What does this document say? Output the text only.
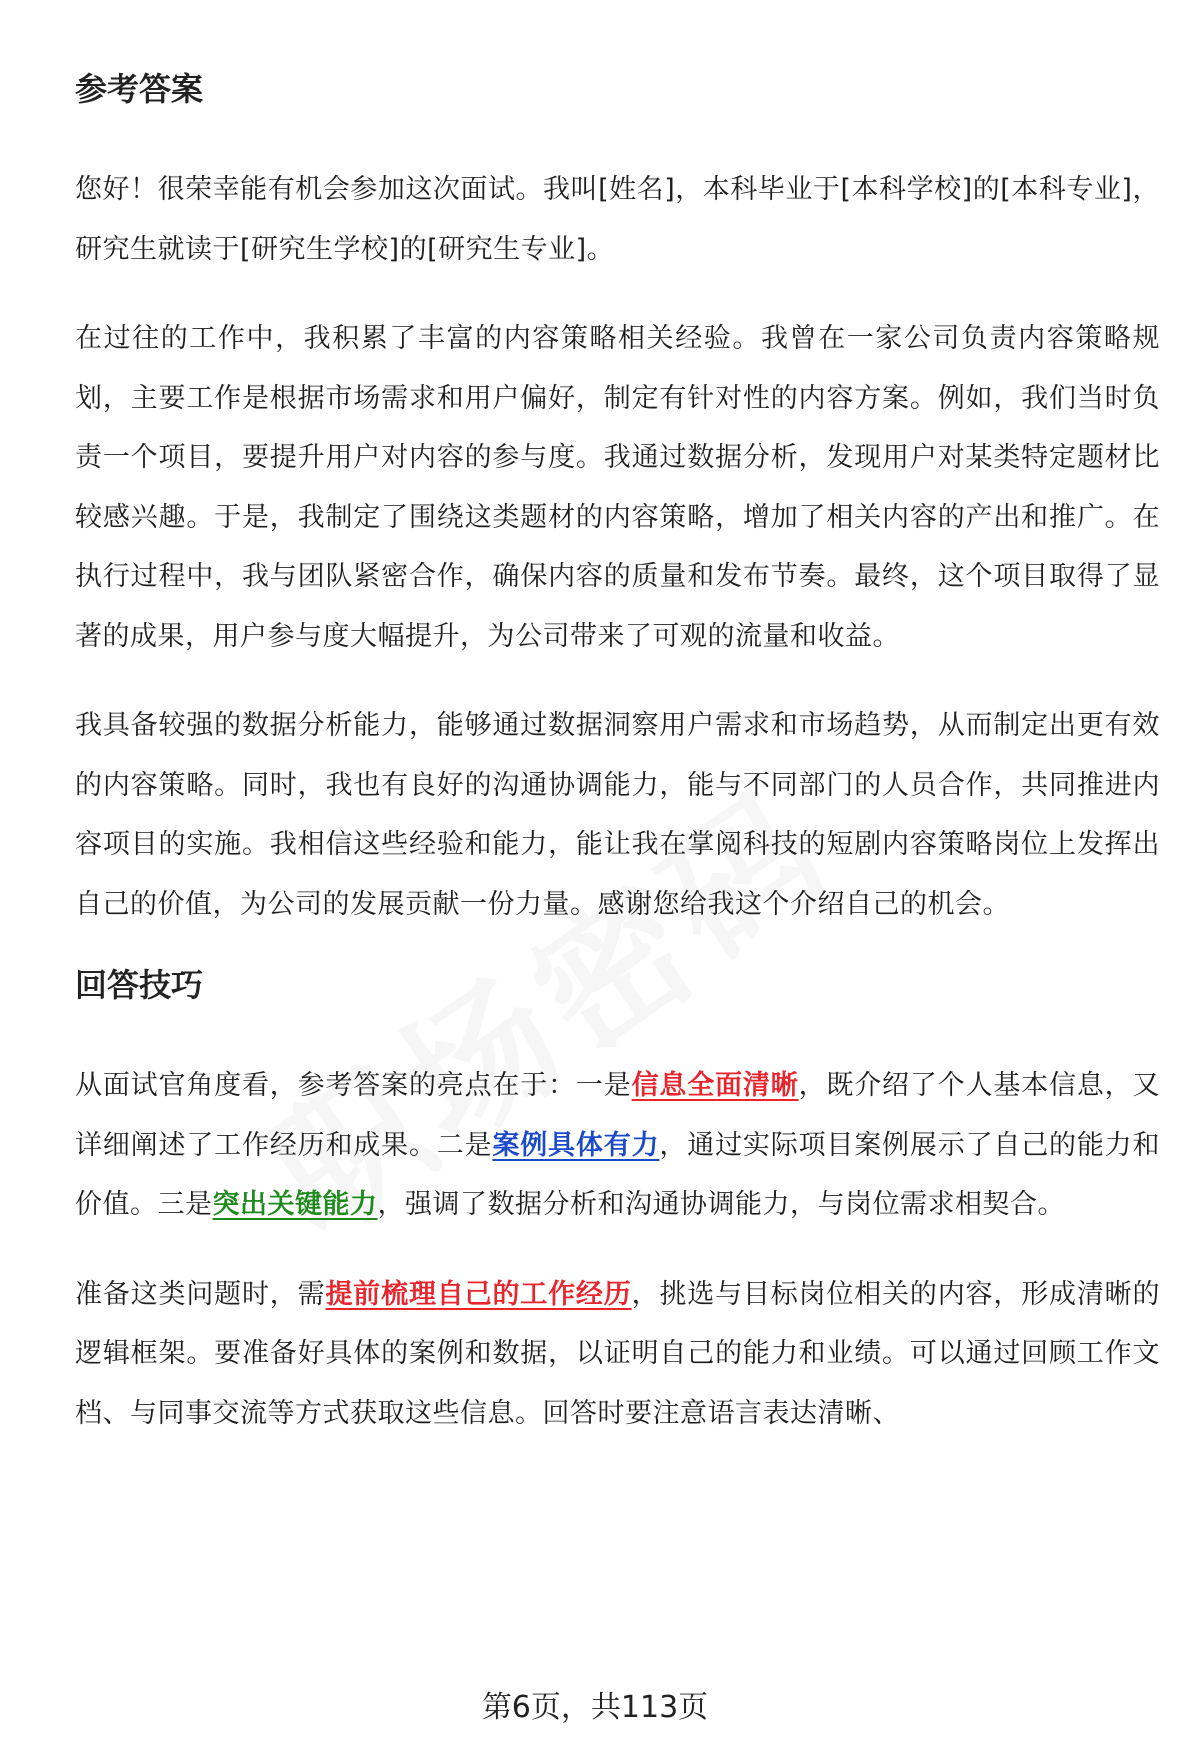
参考答案

您好！很荣幸能有机会参加这次面试。我叫[姓名]，本科毕业于[本科学校]的[本科专业]，研究生就读于[研究生学校]的[研究生专业]。

在过往的工作中，我积累了丰富的内容策略相关经验。我曾在一家公司负责内容策略规划，主要工作是根据市场需求和用户偏好，制定有针对性的内容方案。例如，我们当时负责一个项目，要提升用户对内容的参与度。我通过数据分析，发现用户对某类特定题材比较感兴趣。于是，我制定了围绕这类题材的内容策略，增加了相关内容的产出和推广。在执行过程中，我与团队紧密合作，确保内容的质量和发布节奏。最终，这个项目取得了显著的成果，用户参与度大幅提升，为公司带来了可观的流量和收益。

我具备较强的数据分析能力，能够通过数据洞察用户需求和市场趋势，从而制定出更有效的内容策略。同时，我也有良好的沟通协调能力，能与不同部门的人员合作，共同推进内容项目的实施。我相信这些经验和能力，能让我在掌阅科技的短剧内容策略岗位上发挥出自己的价值，为公司的发展贡献一份力量。感谢您给我这个介绍自己的机会。

回答技巧

从面试官角度看，参考答案的亮点在于：一是信息全面清晰，既介绍了个人基本信息，又详细阐述了工作经历和成果。二是案例具体有力，通过实际项目案例展示了自己的能力和价值。三是突出关键能力，强调了数据分析和沟通协调能力，与岗位需求相契合。

准备这类问题时，需提前梳理自己的工作经历，挑选与目标岗位相关的内容，形成清晰的逻辑框架。要准备好具体的案例和数据，以证明自己的能力和业绩。可以通过回顾工作文档、与同事交流等方式获取这些信息。回答时要注意语言表达清晰、

第6页，共113页
